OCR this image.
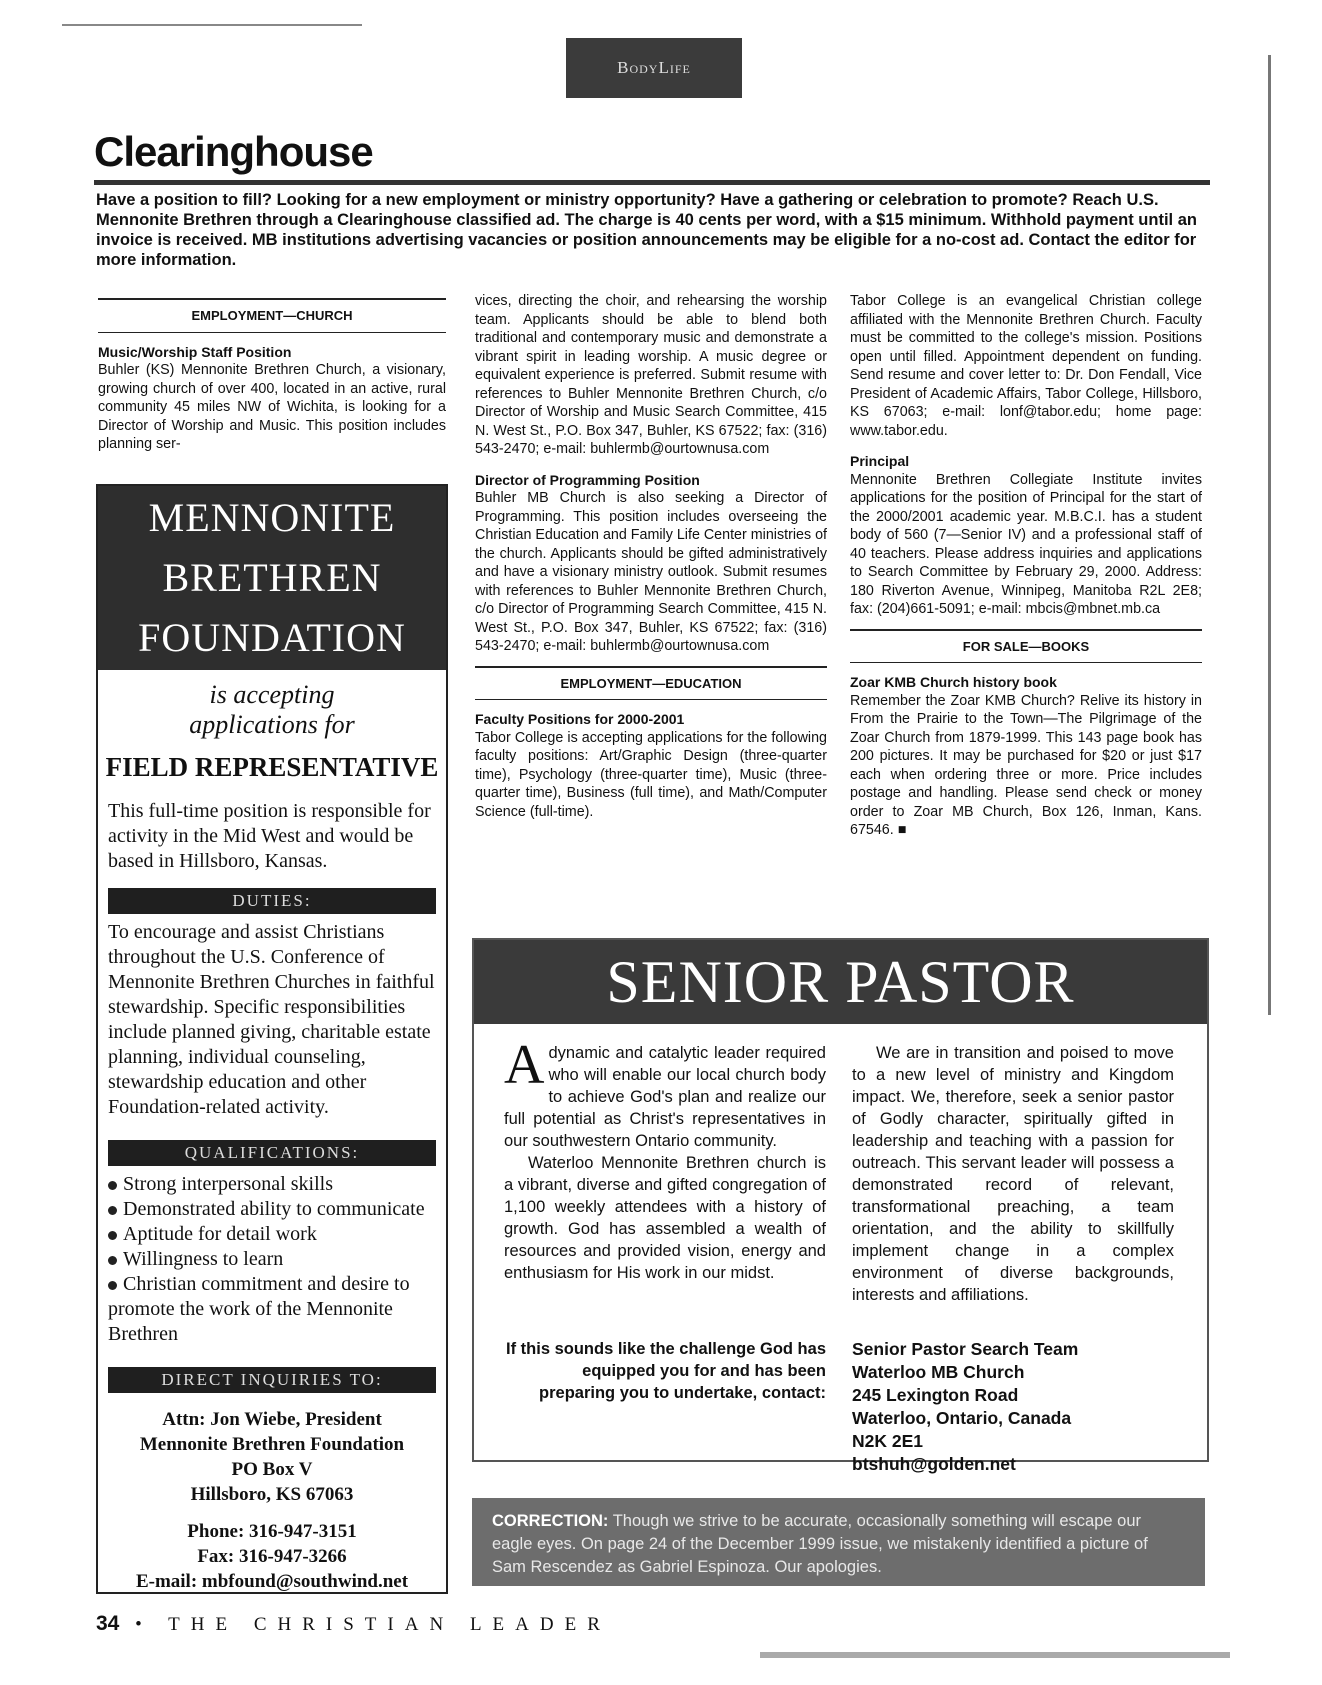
BodyLife
Clearinghouse
Have a position to fill? Looking for a new employment or ministry opportunity? Have a gathering or celebration to promote? Reach U.S. Mennonite Brethren through a Clearinghouse classified ad. The charge is 40 cents per word, with a $15 minimum. Withhold payment until an invoice is received. MB institutions advertising vacancies or position announcements may be eligible for a no-cost ad. Contact the editor for more information.
EMPLOYMENT—CHURCH
Music/Worship Staff Position

Buhler (KS) Mennonite Brethren Church, a visionary, growing church of over 400, located in an active, rural community 45 miles NW of Wichita, is looking for a Director of Worship and Music. This position includes planning ser-

vices, directing the choir, and rehearsing the worship team. Applicants should be able to blend both traditional and contemporary music and demonstrate a vibrant spirit in leading worship. A music degree or equivalent experience is preferred. Submit resume with references to Buhler Mennonite Brethren Church, c/o Director of Worship and Music Search Committee, 415 N. West St., P.O. Box 347, Buhler, KS 67522; fax: (316) 543-2470; e-mail: buhlermb@ourtownusa.com

Director of Programming Position

Buhler MB Church is also seeking a Director of Programming. This position includes overseeing the Christian Education and Family Life Center ministries of the church. Applicants should be gifted administratively and have a visionary ministry outlook. Submit resumes with references to Buhler Mennonite Brethren Church, c/o Director of Programming Search Committee, 415 N. West St., P.O. Box 347, Buhler, KS 67522; fax: (316) 543-2470; e-mail: buhlermb@ourtownusa.com

EMPLOYMENT—EDUCATION
Faculty Positions for 2000-2001

Tabor College is accepting applications for the following faculty positions: Art/Graphic Design (three-quarter time), Psychology (three-quarter time), Music (three-quarter time), Business (full time), and Math/Computer Science (full-time).

Tabor College is an evangelical Christian college affiliated with the Mennonite Brethren Church. Faculty must be committed to the college's mission. Positions open until filled. Appointment dependent on funding. Send resume and cover letter to: Dr. Don Fendall, Vice President of Academic Affairs, Tabor College, Hillsboro, KS 67063; e-mail: lonf@tabor.edu; home page: www.tabor.edu.

Principal

Mennonite Brethren Collegiate Institute invites applications for the position of Principal for the start of the 2000/2001 academic year. M.B.C.I. has a student body of 560 (7—Senior IV) and a professional staff of 40 teachers. Please address inquiries and applications to Search Committee by February 29, 2000. Address: 180 Riverton Avenue, Winnipeg, Manitoba R2L 2E8; fax: (204)661-5091; e-mail: mbcis@mbnet.mb.ca

FOR SALE—BOOKS
Zoar KMB Church history book

Remember the Zoar KMB Church? Relive its history in From the Prairie to the Town—The Pilgrimage of the Zoar Church from 1879-1999. This 143 page book has 200 pictures. It may be purchased for $20 or just $17 each when ordering three or more. Price includes postage and handling. Please send check or money order to Zoar MB Church, Box 126, Inman, Kans. 67546. ■

MENNONITE
BRETHREN
FOUNDATION
is accepting
applications for
FIELD REPRESENTATIVE
This full-time position is responsible for activity in the Mid West and would be based in Hillsboro, Kansas.
DUTIES:
To encourage and assist Christians throughout the U.S. Conference of Mennonite Brethren Churches in faithful stewardship. Specific responsibilities include planned giving, charitable estate planning, individual counseling, stewardship education and other Foundation-related activity.
QUALIFICATIONS:
Strong interpersonal skills
Demonstrated ability to communicate
Aptitude for detail work
Willingness to learn
Christian commitment and desire to promote the work of the Mennonite Brethren
DIRECT INQUIRIES TO:
Attn: Jon Wiebe, President
Mennonite Brethren Foundation
PO Box V
Hillsboro, KS 67063
Phone: 316-947-3151
Fax: 316-947-3266
E-mail: mbfound@southwind.net
SENIOR PASTOR

Adynamic and catalytic leader required who will enable our local church body to achieve God's plan and realize our full potential as Christ's representatives in our southwestern Ontario community.

Waterloo Mennonite Brethren church is a vibrant, diverse and gifted congregation of 1,100 weekly attendees with a history of growth. God has assembled a wealth of resources and provided vision, energy and enthusiasm for His work in our midst.

We are in transition and poised to move to a new level of ministry and Kingdom impact. We, therefore, seek a senior pastor of Godly character, spiritually gifted in leadership and teaching with a passion for outreach. This servant leader will possess a demonstrated record of relevant, transformational preaching, a team orientation, and the ability to skillfully implement change in a complex environment of diverse backgrounds, interests and affiliations.

If this sounds like the challenge God has equipped you for and has been preparing you to undertake, contact:
Senior Pastor Search Team
Waterloo MB Church
245 Lexington Road
Waterloo, Ontario, Canada
N2K 2E1
btshuh@golden.net
CORRECTION: Though we strive to be accurate, occasionally something will escape our eagle eyes. On page 24 of the December 1999 issue, we mistakenly identified a picture of Sam Rescendez as Gabriel Espinoza. Our apologies.
34 • THE CHRISTIAN LEADER
